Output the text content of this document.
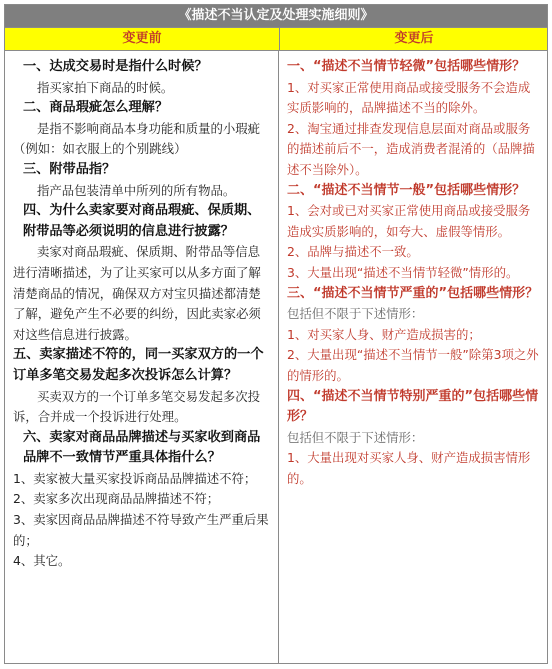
《描述不当认定及处理实施细则》
变更前	变更后
一、达成交易时是指什么时候？
指买家拍下商品的时候。
二、商品瑕疵怎么理解？
是指不影响商品本身功能和质量的小瑕疵（例如：如衣服上的个别跳线）
三、附带品指？
指产品包装清单中所列的所有物品。
四、为什么卖家要对商品瑕疵、保质期、附带品等必须说明的信息进行披露？
卖家对商品瑕疵、保质期、附带品等信息进行清晰描述，为了让买家可以从多方面了解清楚商品的情况，确保双方对宝贝描述都清楚了解，避免产生不必要的纠纷，因此卖家必须对这些信息进行披露。
五、卖家描述不符的，同一买家双方的一个订单多笔交易发起多次投诉怎么计算？
买卖双方的一个订单多笔交易发起多次投诉，合并成一个投诉进行处理。
六、卖家对商品品牌描述与买家收到商品品牌不一致情节严重具体指什么？
1、卖家被大量买家投诉商品品牌描述不符；
2、卖家多次出现商品品牌描述不符；
3、卖家因商品品牌描述不符导致产生严重后果的；
4、其它。
一、“描述不当情节轻微”包括哪些情形？
1、对买家正常使用商品或接受服务不会造成实质影响的，品牌描述不当的除外。
2、淘宝通过排查发现信息层面对商品或服务的描述前后不一，造成消费者混淆的（品牌描述不当除外）。
二、“描述不当情节一般”包括哪些情形？
1、会对或已对买家正常使用商品或接受服务造成实质影响的，如夸大、虚假等情形。
2、品牌与描述不一致。
3、大量出现“描述不当情节轻微”情形的。
三、“描述不当情节严重的”包括哪些情形？
包括但不限于下述情形：
1、对买家人身、财产造成损害的；
2、大量出现“描述不当情节一般”除第3项之外的情形的。
四、“描述不当情节特别严重的”包括哪些情形？
包括但不限于下述情形：
1、大量出现对买家人身、财产造成损害情形的。
